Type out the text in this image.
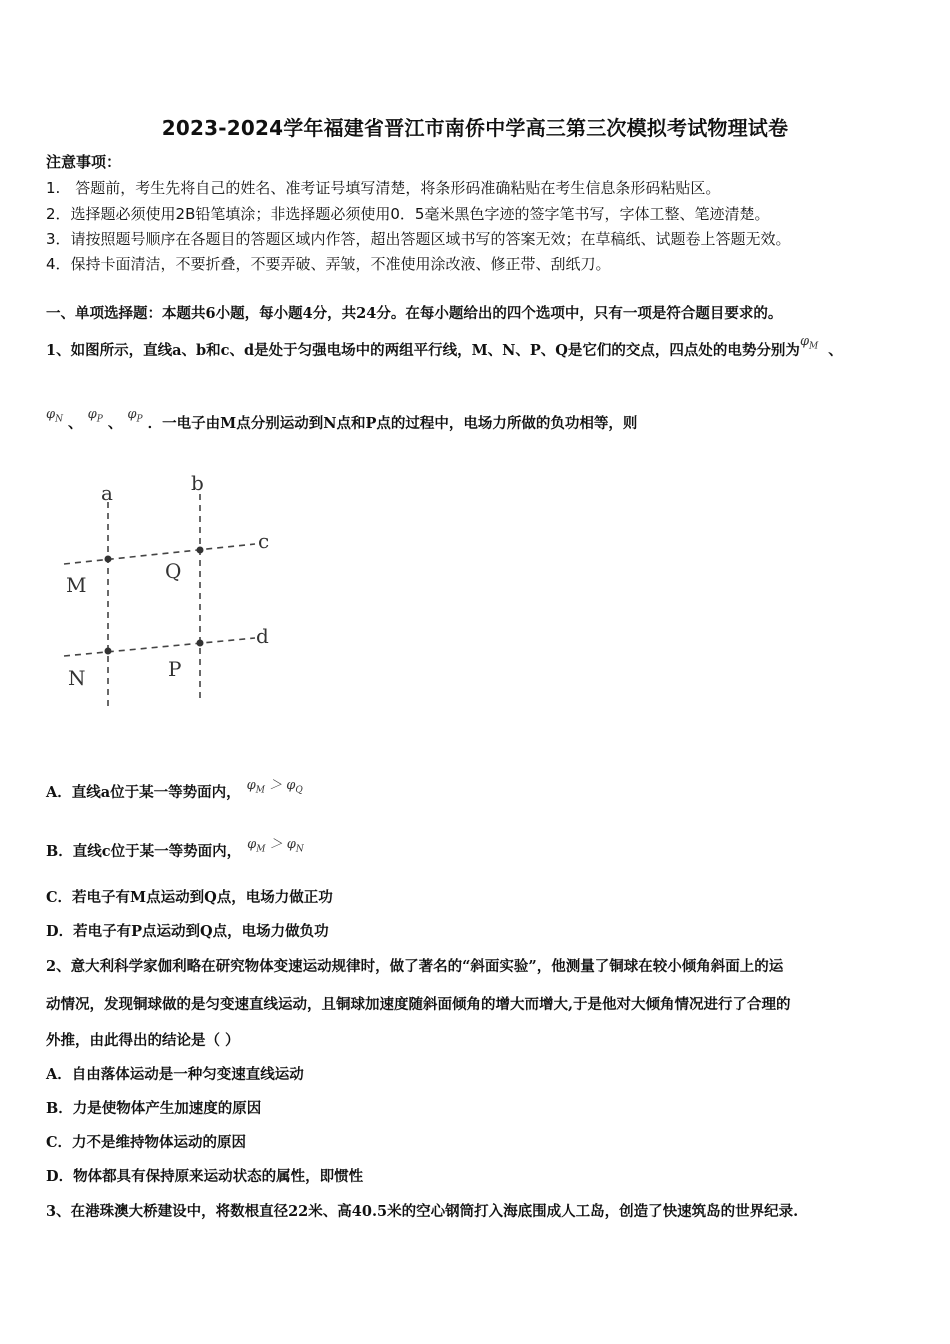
2023-2024学年福建省晋江市南侨中学高三第三次模拟考试物理试卷
注意事项：
1.　答题前，考生先将自己的姓名、准考证号填写清楚，将条形码准确粘贴在考生信息条形码粘贴区。
2．选择题必须使用2B铅笔填涂；非选择题必须使用0．5毫米黑色字迹的签字笔书写，字体工整、笔迹清楚。
3．请按照题号顺序在各题目的答题区域内作答，超出答题区域书写的答案无效；在草稿纸、试题卷上答题无效。
4．保持卡面清洁，不要折叠，不要弄破、弄皱，不准使用涂改液、修正带、刮纸刀。
一、单项选择题：本题共6小题，每小题4分，共24分。在每小题给出的四个选项中，只有一项是符合题目要求的。
1、如图所示，直线a、b和c、d是处于匀强电场中的两组平行线，M、N、P、Q是它们的交点，四点处的电势分别为$\varphi_M$ 、
$\varphi_N$ 、 $\varphi_P$ 、 $\varphi_P$ ．一电子由M点分别运动到N点和P点的过程中，电场力所做的负功相等，则
a	b
c
d
M
Q
N	P
A．直线a位于某一等势面内， $\varphi_M > \varphi_Q$
B．直线c位于某一等势面内， $\varphi_M > \varphi_N$
C．若电子有M点运动到Q点，电场力做正功
D．若电子有P点运动到Q点，电场力做负功
2、意大利科学家伽利略在研究物体变速运动规律时，做了著名的“斜面实验”，他测量了铜球在较小倾角斜面上的运
动情况，发现铜球做的是匀变速直线运动，且铜球加速度随斜面倾角的增大而增大,于是他对大倾角情况进行了合理的
外推，由此得出的结论是（ ）
A．自由落体运动是一种匀变速直线运动
B．力是使物体产生加速度的原因
C．力不是维持物体运动的原因
D．物体都具有保持原来运动状态的属性，即惯性
3、在港珠澳大桥建设中，将数根直径22米、高40.5米的空心钢筒打入海底围成人工岛，创造了快速筑岛的世界纪录.
